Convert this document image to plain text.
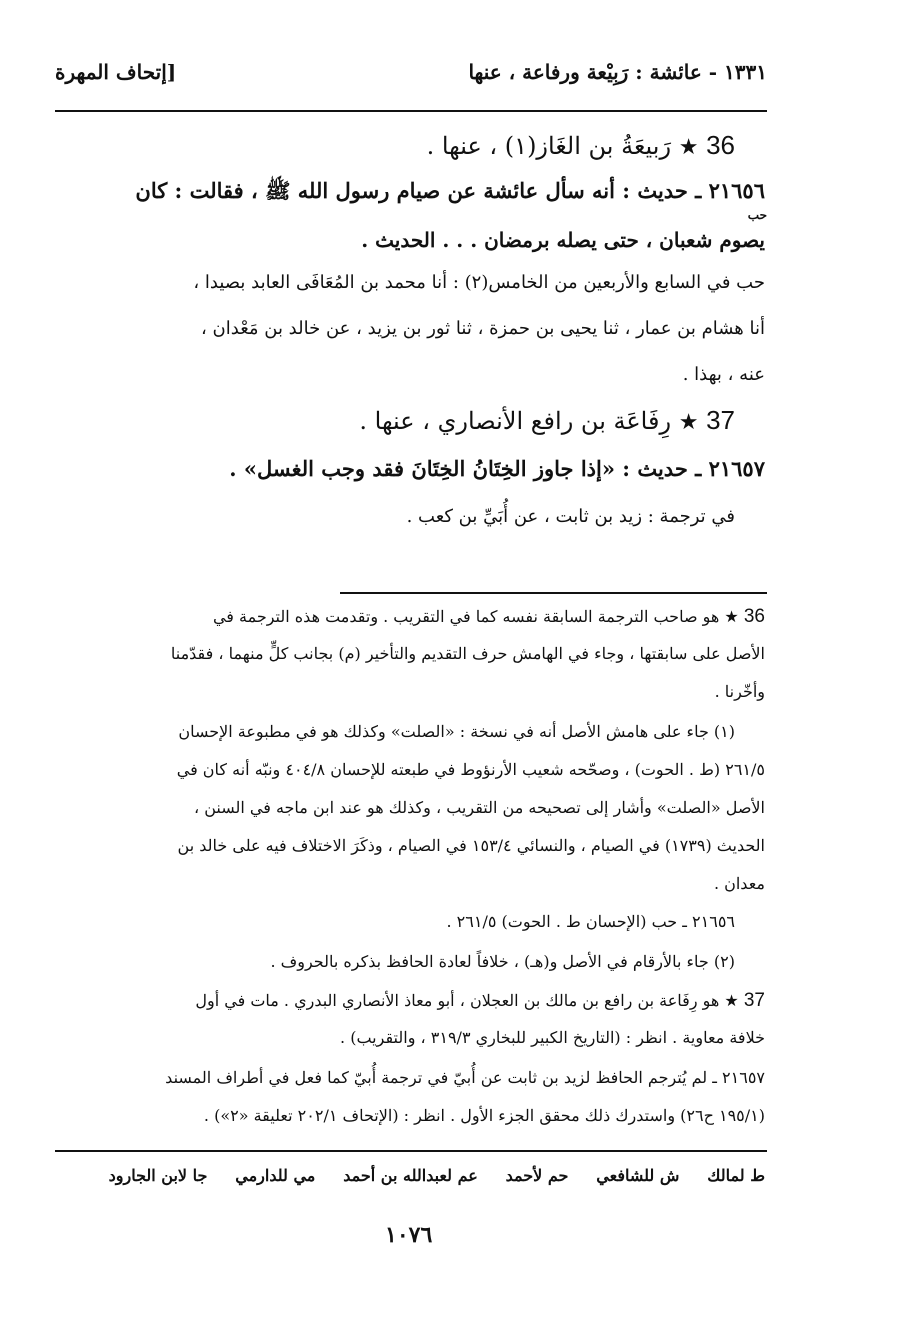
١٣٣١ - عائشة : رَبِيْعة ورفاعة ، عنها
[إتحاف المهرة
36 ★ رَبيعَةُ بن الغَاز(١) ، عنها .
٢١٦٥٦ ـ حديث : أنه سأل عائشة عن صيام رسول الله ﷺ ، فقالت : كان
حب
يصوم شعبان ، حتى يصله برمضان . . . الحديث .
حب في السابع والأربعين من الخامس(٢) : أنا محمد بن المُعَافَى العابد بصيدا ،
أنا هشام بن عمار ، ثنا يحيى بن حمزة ، ثنا ثور بن يزيد ، عن خالد بن مَعْدان ،
عنه ، بهذا .
37 ★ رِفَاعَة بن رافع الأنصاري ، عنها .
٢١٦٥٧ ـ حديث : «إذا جاوز الخِتَانُ الخِتَانَ فقد وجب الغسل» .
في ترجمة : زيد بن ثابت ، عن أُبَيِّ بن كعب .
36 ★ هو صاحب الترجمة السابقة نفسه كما في التقريب . وتقدمت هذه الترجمة في
الأصل على سابقتها ، وجاء في الهامش حرف التقديم والتأخير (م) بجانب كلٍّ منهما ، فقدّمنا
وأخّرنا .
(١) جاء على هامش الأصل أنه في نسخة : «الصلت» وكذلك هو في مطبوعة الإحسان
٢٦١/٥ (ط . الحوت) ، وصحّحه شعيب الأرنؤوط في طبعته للإحسان ٤٠٤/٨ ونبّه أنه كان في
الأصل «الصلت» وأشار إلى تصحيحه من التقريب ، وكذلك هو عند ابن ماجه في السنن ،
الحديث (١٧٣٩) في الصيام ، والنسائي ١٥٣/٤ في الصيام ، وذكَرَ الاختلاف فيه على خالد بن
معدان .
٢١٦٥٦ ـ حب (الإحسان ط . الحوت) ٢٦١/٥ .
(٢) جاء بالأرقام في الأصل و(هـ) ، خلافاً لعادة الحافظ بذكره بالحروف .
37 ★ هو رِفَاعة بن رافع بن مالك بن العجلان ، أبو معاذ الأنصاري البدري . مات في أول
خلافة معاوية . انظر : (التاريخ الكبير للبخاري ٣١٩/٣ ، والتقريب) .
٢١٦٥٧ ـ لم يُترجم الحافظ لزيد بن ثابت عن أُبيّ في ترجمة أُبيّ كما فعل في أطراف المسند
(١٩٥/١ ح٢٦) واستدرك ذلك محقق الجزء الأول . انظر : (الإتحاف ٢٠٢/١ تعليقة «٢») .
ط لمالك     ش للشافعي     حم لأحمد     عم لعبدالله بن أحمد     مي للدارمي     جا لابن الجارود
١٠٧٦
